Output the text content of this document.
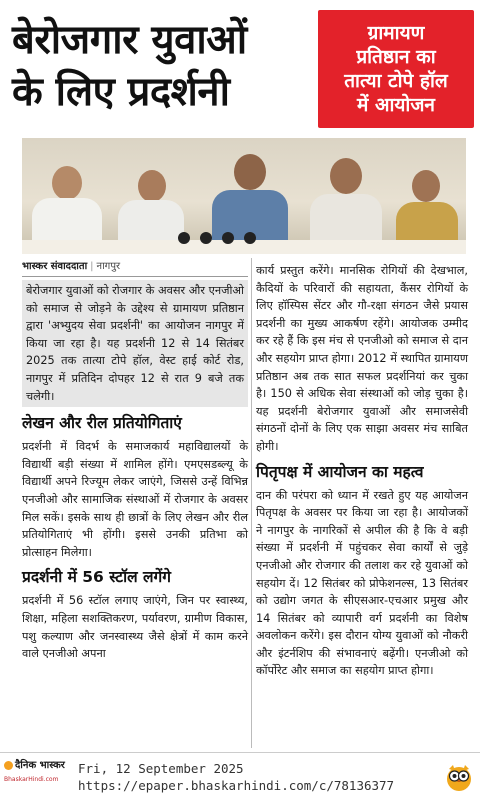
बेरोजगार युवाओं
के लिए प्रदर्शनी
ग्रामायण
प्रतिष्ठान का
तात्या टोपे हॉल
में आयोजन
भास्कर संवाददाता | नागपुर
बेरोजगार युवाओं को रोजगार के अवसर और एनजीओ को समाज से जोड़ने के उद्देश्य से ग्रामायण प्रतिष्ठान द्वारा 'अभ्युदय सेवा प्रदर्शनी' का आयोजन नागपुर में किया जा रहा है। यह प्रदर्शनी 12 से 14 सितंबर 2025 तक तात्या टोपे हॉल, वेस्ट हाई कोर्ट रोड, नागपुर में प्रतिदिन दोपहर 12 से रात 9 बजे तक चलेगी।
लेखन और रील प्रतियोगिताएं
प्रदर्शनी में विदर्भ के समाजकार्य महाविद्यालयों के विद्यार्थी बड़ी संख्या में शामिल होंगे। एमएसडब्ल्यू के विद्यार्थी अपने रिज्यूम लेकर जाएंगे, जिससे उन्हें विभिन्न एनजीओ और सामाजिक संस्थाओं में रोजगार के अवसर मिल सकें। इसके साथ ही छात्रों के लिए लेखन और रील प्रतियोगिताएं भी होंगी। इससे उनकी प्रतिभा को प्रोत्साहन मिलेगा।
प्रदर्शनी में 56 स्टॉल लगेंगे
प्रदर्शनी में 56 स्टॉल लगाए जाएंगे, जिन पर स्वास्थ्य, शिक्षा, महिला सशक्तिकरण, पर्यावरण, ग्रामीण विकास, पशु कल्याण और जनस्वास्थ्य जैसे क्षेत्रों में काम करने वाले एनजीओ अपना
कार्य प्रस्तुत करेंगे। मानसिक रोगियों की देखभाल, कैदियों के परिवारों की सहायता, कैंसर रोगियों के लिए हॉस्पिस सेंटर और गौ-रक्षा संगठन जैसे प्रयास प्रदर्शनी का मुख्य आकर्षण रहेंगे। आयोजक उम्मीद कर रहे हैं कि इस मंच से एनजीओ को समाज से दान और सहयोग प्राप्त होगा। 2012 में स्थापित ग्रामायण प्रतिष्ठान अब तक सात सफल प्रदर्शनियां कर चुका है। 150 से अधिक सेवा संस्थाओं को जोड़ चुका है। यह प्रदर्शनी बेरोजगार युवाओं और समाजसेवी संगठनों दोनों के लिए एक साझा अवसर मंच साबित होगी।
पितृपक्ष में आयोजन का महत्व
दान की परंपरा को ध्यान में रखते हुए यह आयोजन पितृपक्ष के अवसर पर किया जा रहा है। आयोजकों ने नागपुर के नागरिकों से अपील की है कि वे बड़ी संख्या में प्रदर्शनी में पहुंचकर सेवा कार्यों से जुड़े एनजीओ और रोजगार की तलाश कर रहे युवाओं को सहयोग दें। 12 सितंबर को प्रोफेशनल्स, 13 सितंबर को उद्योग जगत के सीएसआर-एचआर प्रमुख और 14 सितंबर को व्यापारी वर्ग प्रदर्शनी का विशेष अवलोकन करेंगे। इस दौरान योग्य युवाओं को नौकरी और इंटर्नशिप की संभावनाएं बढ़ेंगी। एनजीओ को कॉर्पोरेट और समाज का सहयोग प्राप्त होगा।
दैनिक भास्कर
BhaskarHindi.com
Fri, 12 September 2025
https://epaper.bhaskarhindi.com/c/78136377
